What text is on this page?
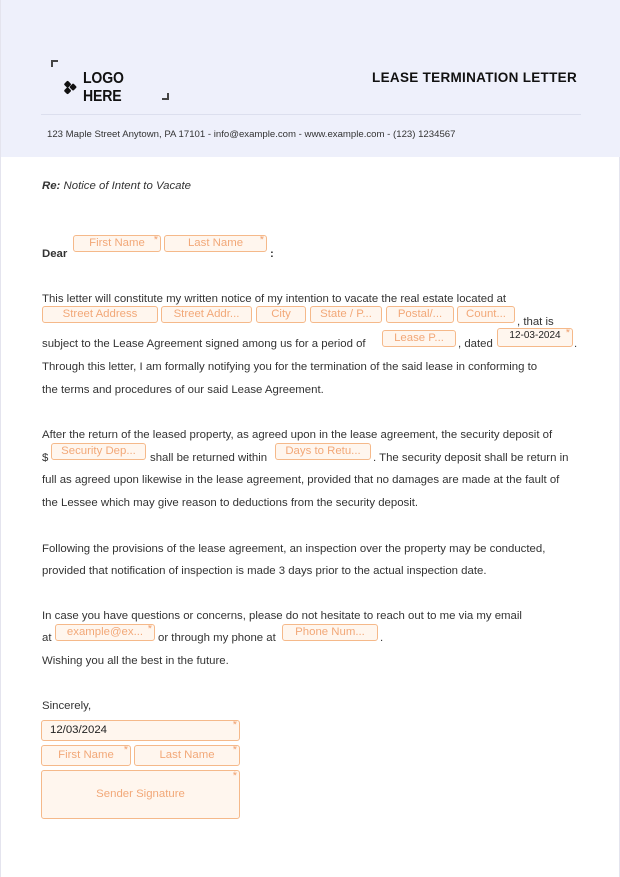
LOGO HERE
LEASE TERMINATION LETTER
123 Maple Street Anytown, PA 17101 - info@example.com - www.example.com - (123) 1234567
Re: Notice of Intent to Vacate
Dear
First Name *	Last Name *
:
This letter will constitute my written notice of my intention to vacate the real estate located at
Street Address	Street Addr...	City	State / P...	Postal/...	Count...
, that is
subject to the Lease Agreement signed among us for a period of	Lease P...	, dated
12-03-2024 *
.
Through this letter, I am formally notifying you for the termination of the said lease in conforming to
the terms and procedures of our said Lease Agreement.
After the return of the leased property, as agreed upon in the lease agreement, the security deposit of
$
Security Dep...
shall be returned within
Days to Retu...
. The security deposit shall be return in
full as agreed upon likewise in the lease agreement, provided that no damages are made at the fault of
the Lessee which may give reason to deductions from the security deposit.
Following the provisions of the lease agreement, an inspection over the property may be conducted,
provided that notification of inspection is made 3 days prior to the actual inspection date.
In case you have questions or concerns, please do not hesitate to reach out to me via my email
at	example@ex... *
or through my phone at	Phone Num...	.
Wishing you all the best in the future.
Sincerely,
12/03/2024	*
First Name *	Last Name *
Sender Signature
*
